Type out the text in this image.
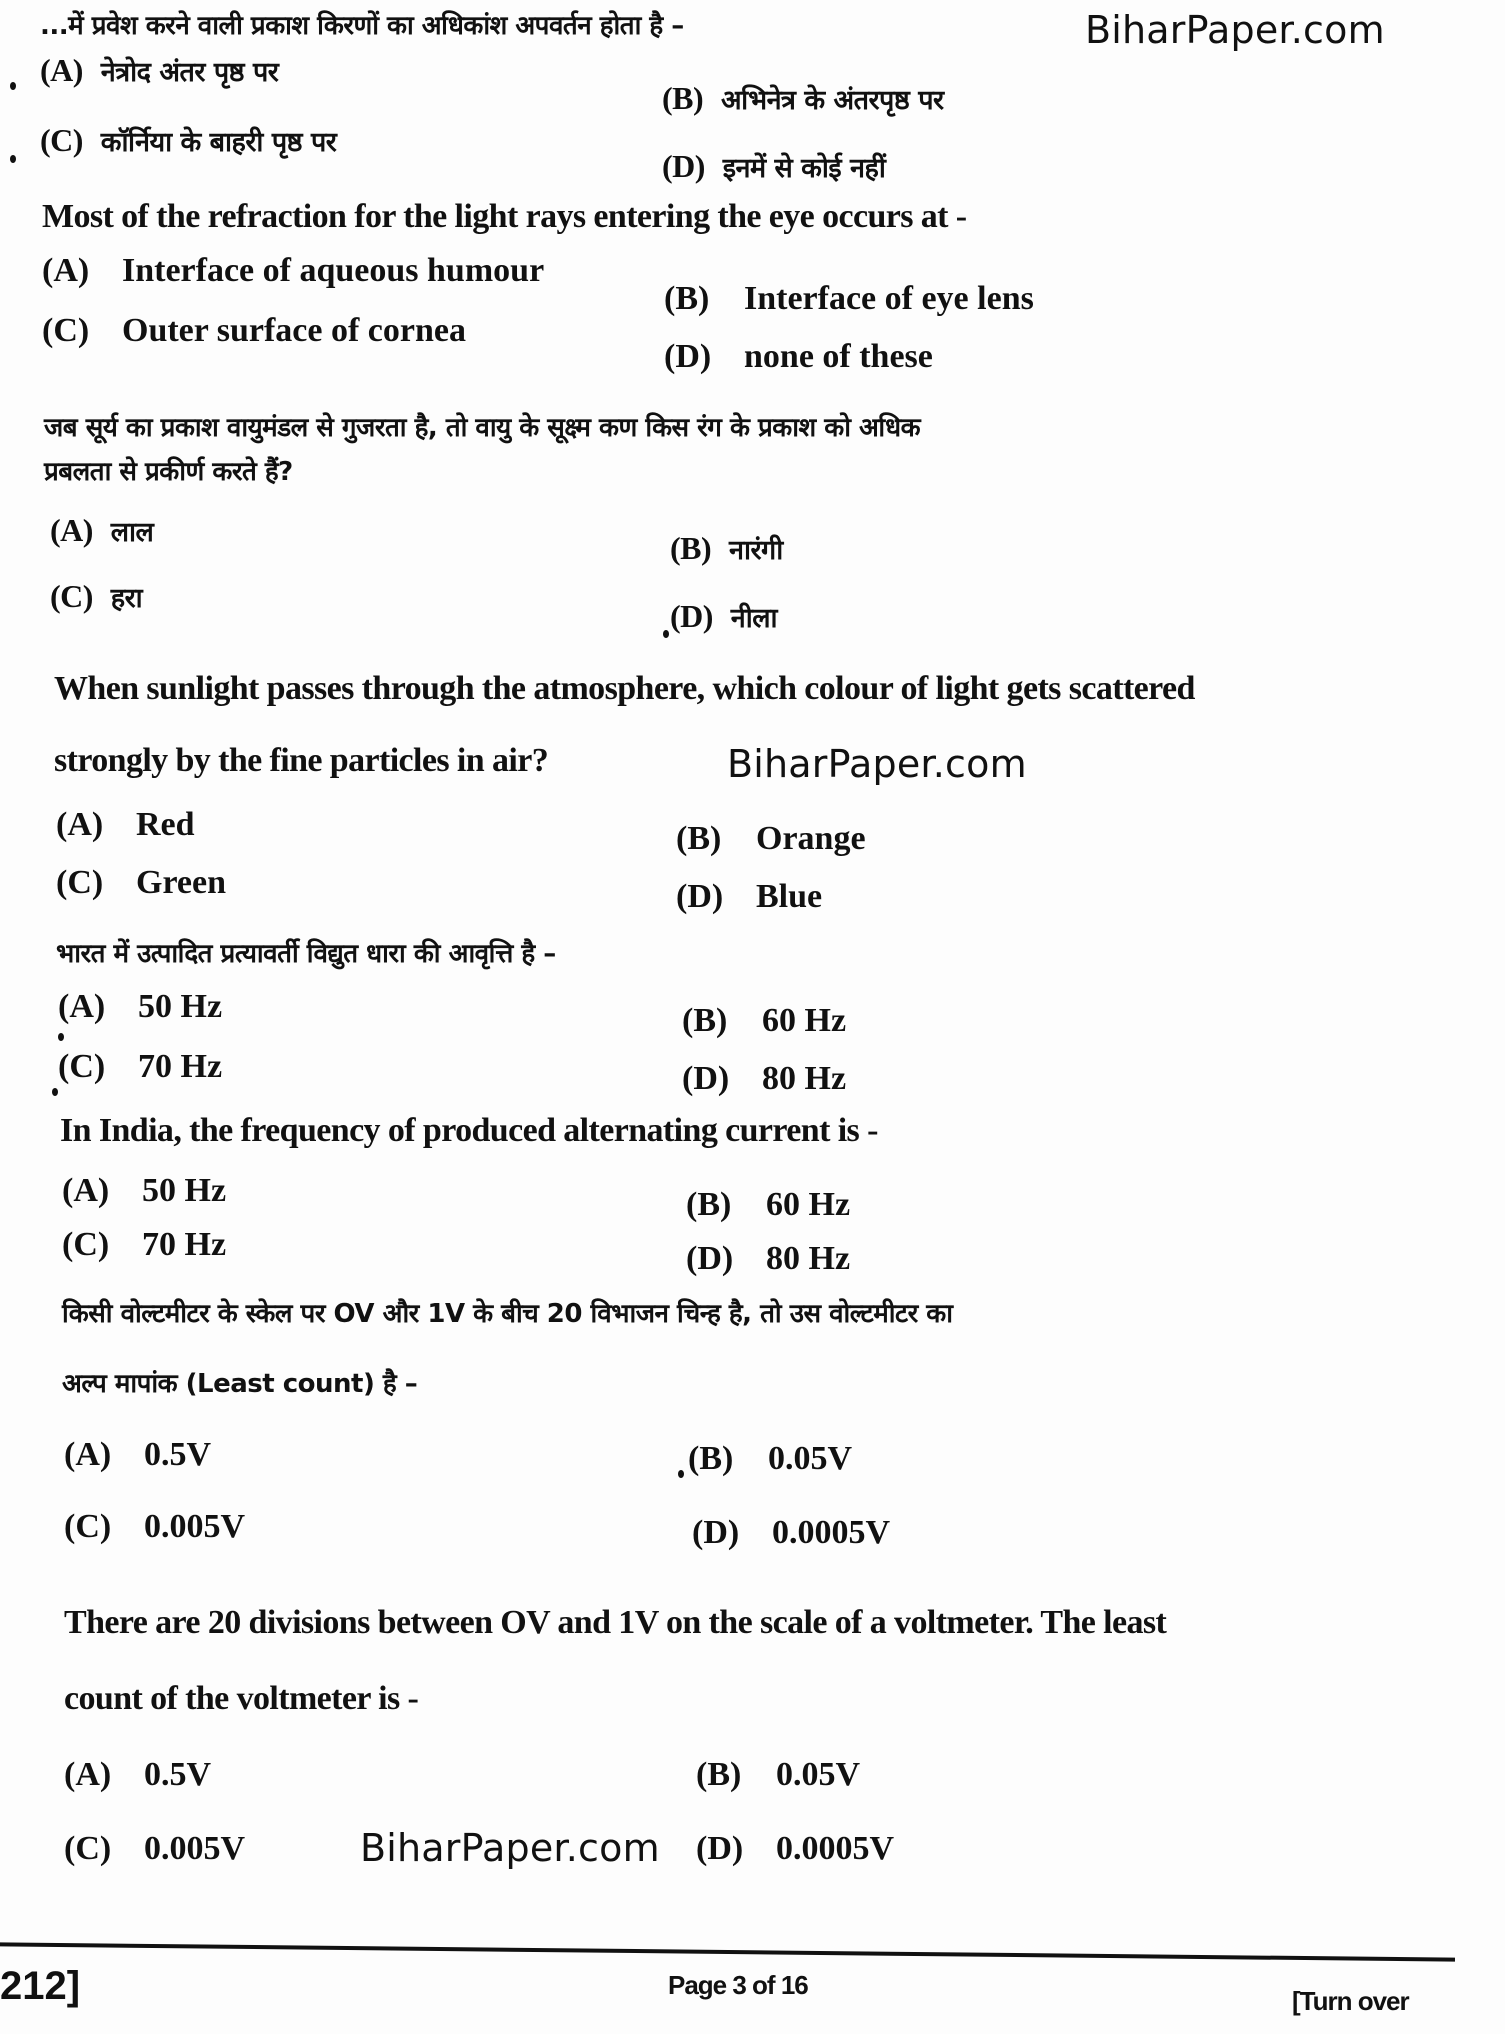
...में प्रवेश करने वाली प्रकाश किरणों का अधिकांश अपवर्तन होता है –	BiharPaper.com
(A) नेत्रोद अंतर पृष्ठ पर
(B) अभिनेत्र के अंतरपृष्ठ पर
(C) कॉर्निया के बाहरी पृष्ठ पर
(D) इनमें से कोई नहीं
Most of the refraction for the light rays entering the eye occurs at -
(A) Interface of aqueous humour
(B) Interface of eye lens
(C) Outer surface of cornea
(D) none of these
जब सूर्य का प्रकाश वायुमंडल से गुजरता है, तो वायु के सूक्ष्म कण किस रंग के प्रकाश को अधिक
प्रबलता से प्रकीर्ण करते हैं?
(A) लाल	(B) नारंगी
(C) हरा	(D) नीला
When sunlight passes through the atmosphere, which colour of light gets scattered
strongly by the fine particles in air?	BiharPaper.com
(A) Red	(B) Orange
(C) Green	(D) Blue
भारत में उत्पादित प्रत्यावर्ती विद्युत धारा की आवृत्ति है –
(A) 50 Hz	(B) 60 Hz
(C) 70 Hz	(D) 80 Hz
In India, the frequency of produced alternating current is -
(A) 50 Hz	(B) 60 Hz
(C) 70 Hz	(D) 80 Hz
किसी वोल्टमीटर के स्केल पर OV और 1V के बीच 20 विभाजन चिन्ह है, तो उस वोल्टमीटर का
अल्प मापांक (Least count) है –
(A) 0.5V	(B) 0.05V
(C) 0.005V	(D) 0.0005V
There are 20 divisions between OV and 1V on the scale of a voltmeter. The least
count of the voltmeter is -
(A) 0.5V	(B) 0.05V
(C) 0.005V	BiharPaper.com (D) 0.0005V
212]	Page 3 of 16
[Turn over
